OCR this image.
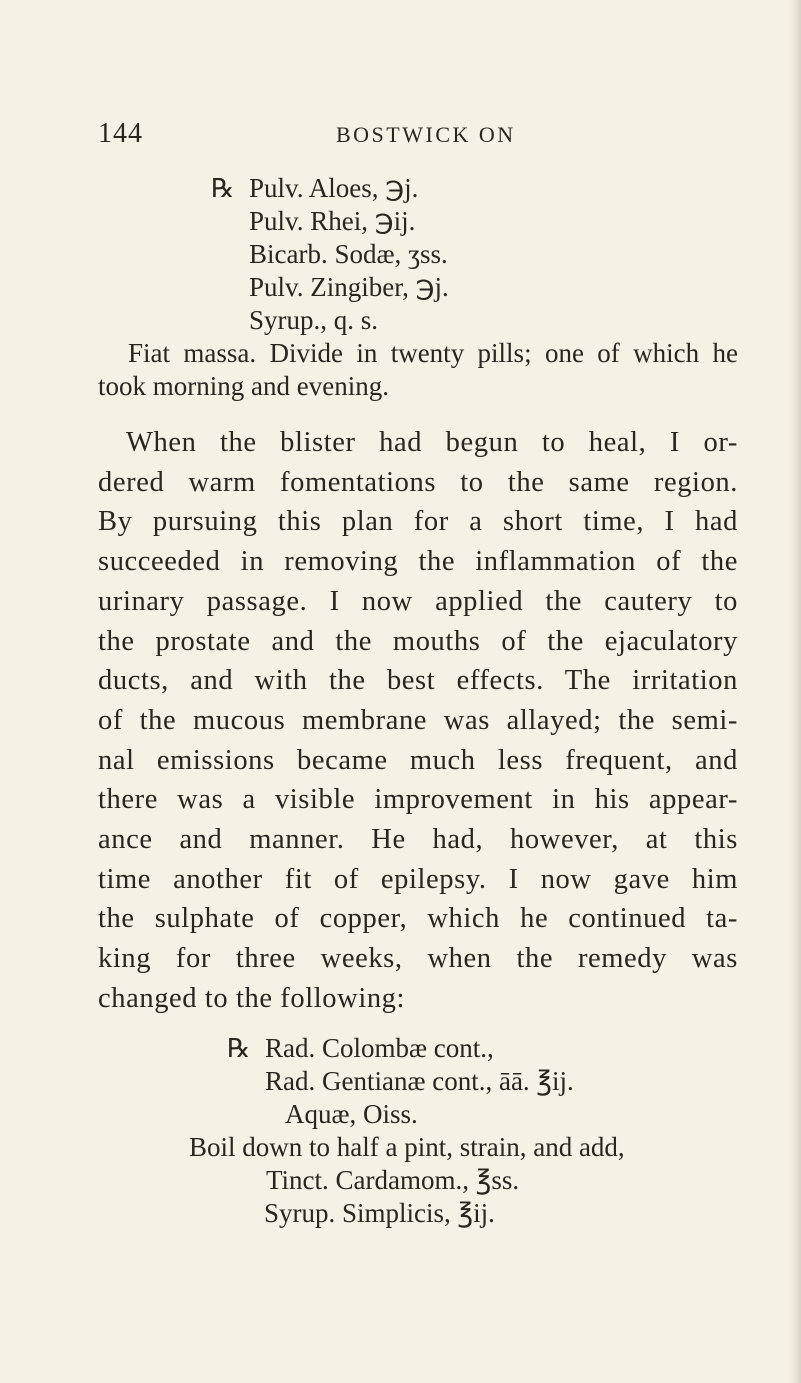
144	BOSTWICK ON
℞ Pulv. Aloes, ℈j.
Pulv. Rhei, ℈ij.
Bicarb. Sodæ, ʒss.
Pulv. Zingiber, ℈j.
Syrup., q. s.
Fiat massa. Divide in twenty pills; one of which he
took morning and evening.
When the blister had begun to heal, I or-
dered warm fomentations to the same region.
By pursuing this plan for a short time, I had
succeeded in removing the inflammation of the
urinary passage. I now applied the cautery to
the prostate and the mouths of the ejaculatory
ducts, and with the best effects. The irritation
of the mucous membrane was allayed; the semi-
nal emissions became much less frequent, and
there was a visible improvement in his appear-
ance and manner. He had, however, at this
time another fit of epilepsy. I now gave him
the sulphate of copper, which he continued ta-
king for three weeks, when the remedy was
changed to the following:
℞ Rad. Colombæ cont.,
Rad. Gentianæ cont., āā. ℥ij.
Aquæ, Oiss.
Boil down to half a pint, strain, and add,
Tinct. Cardamom., ℥ss.
Syrup. Simplicis, ℥ij.
